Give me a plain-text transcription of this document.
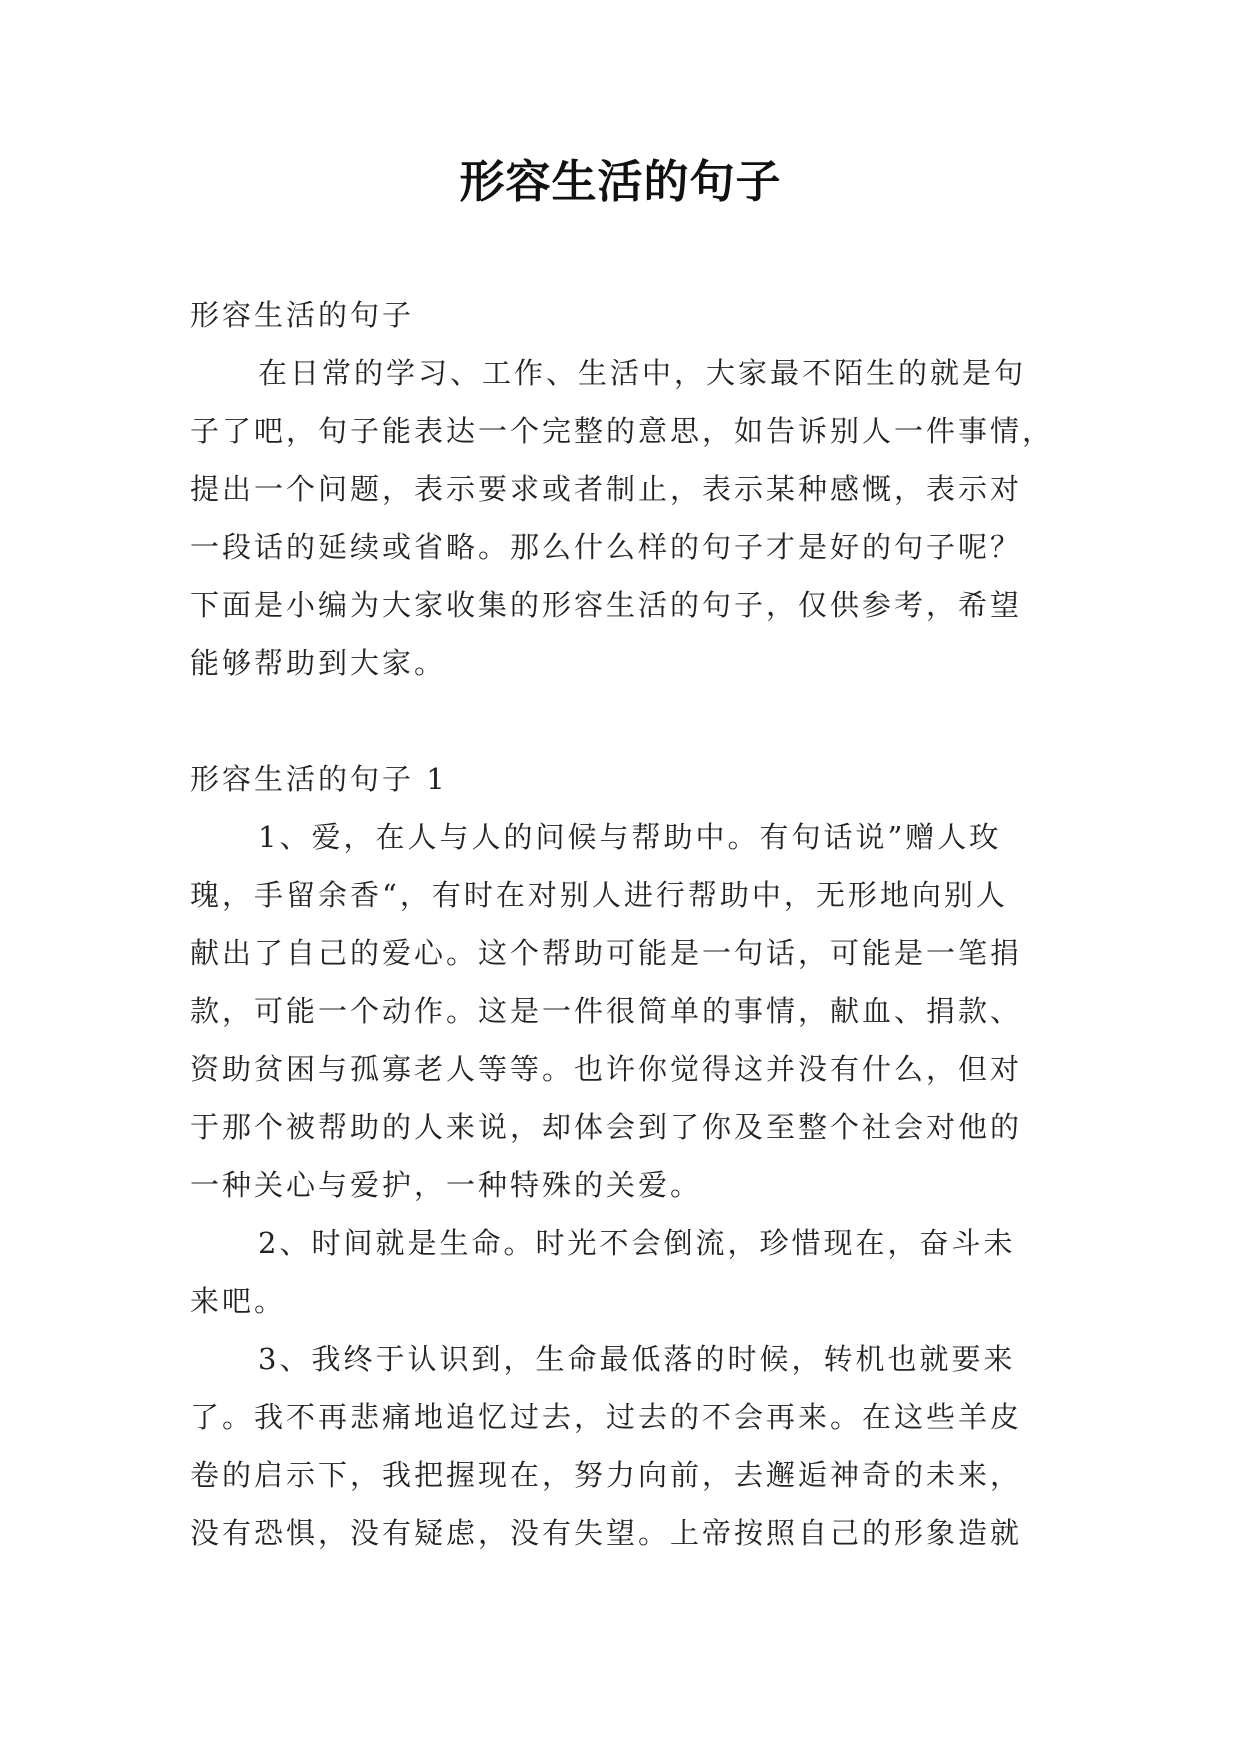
形容生活的句子
形容生活的句子
在日常的学习、工作、生活中，大家最不陌生的就是句
子了吧，句子能表达一个完整的意思，如告诉别人一件事情，
提出一个问题，表示要求或者制止，表示某种感慨，表示对
一段话的延续或省略。那么什么样的句子才是好的句子呢？
下面是小编为大家收集的形容生活的句子，仅供参考，希望
能够帮助到大家。
形容生活的句子 1
1、爱，在人与人的问候与帮助中。有句话说”赠人玫
瑰，手留余香“，有时在对别人进行帮助中，无形地向别人
献出了自己的爱心。这个帮助可能是一句话，可能是一笔捐
款，可能一个动作。这是一件很简单的事情，献血、捐款、
资助贫困与孤寡老人等等。也许你觉得这并没有什么，但对
于那个被帮助的人来说，却体会到了你及至整个社会对他的
一种关心与爱护，一种特殊的关爱。
2、时间就是生命。时光不会倒流，珍惜现在，奋斗未
来吧。
3、我终于认识到，生命最低落的时候，转机也就要来
了。我不再悲痛地追忆过去，过去的不会再来。在这些羊皮
卷的启示下，我把握现在，努力向前，去邂逅神奇的未来，
没有恐惧，没有疑虑，没有失望。上帝按照自己的形象造就
